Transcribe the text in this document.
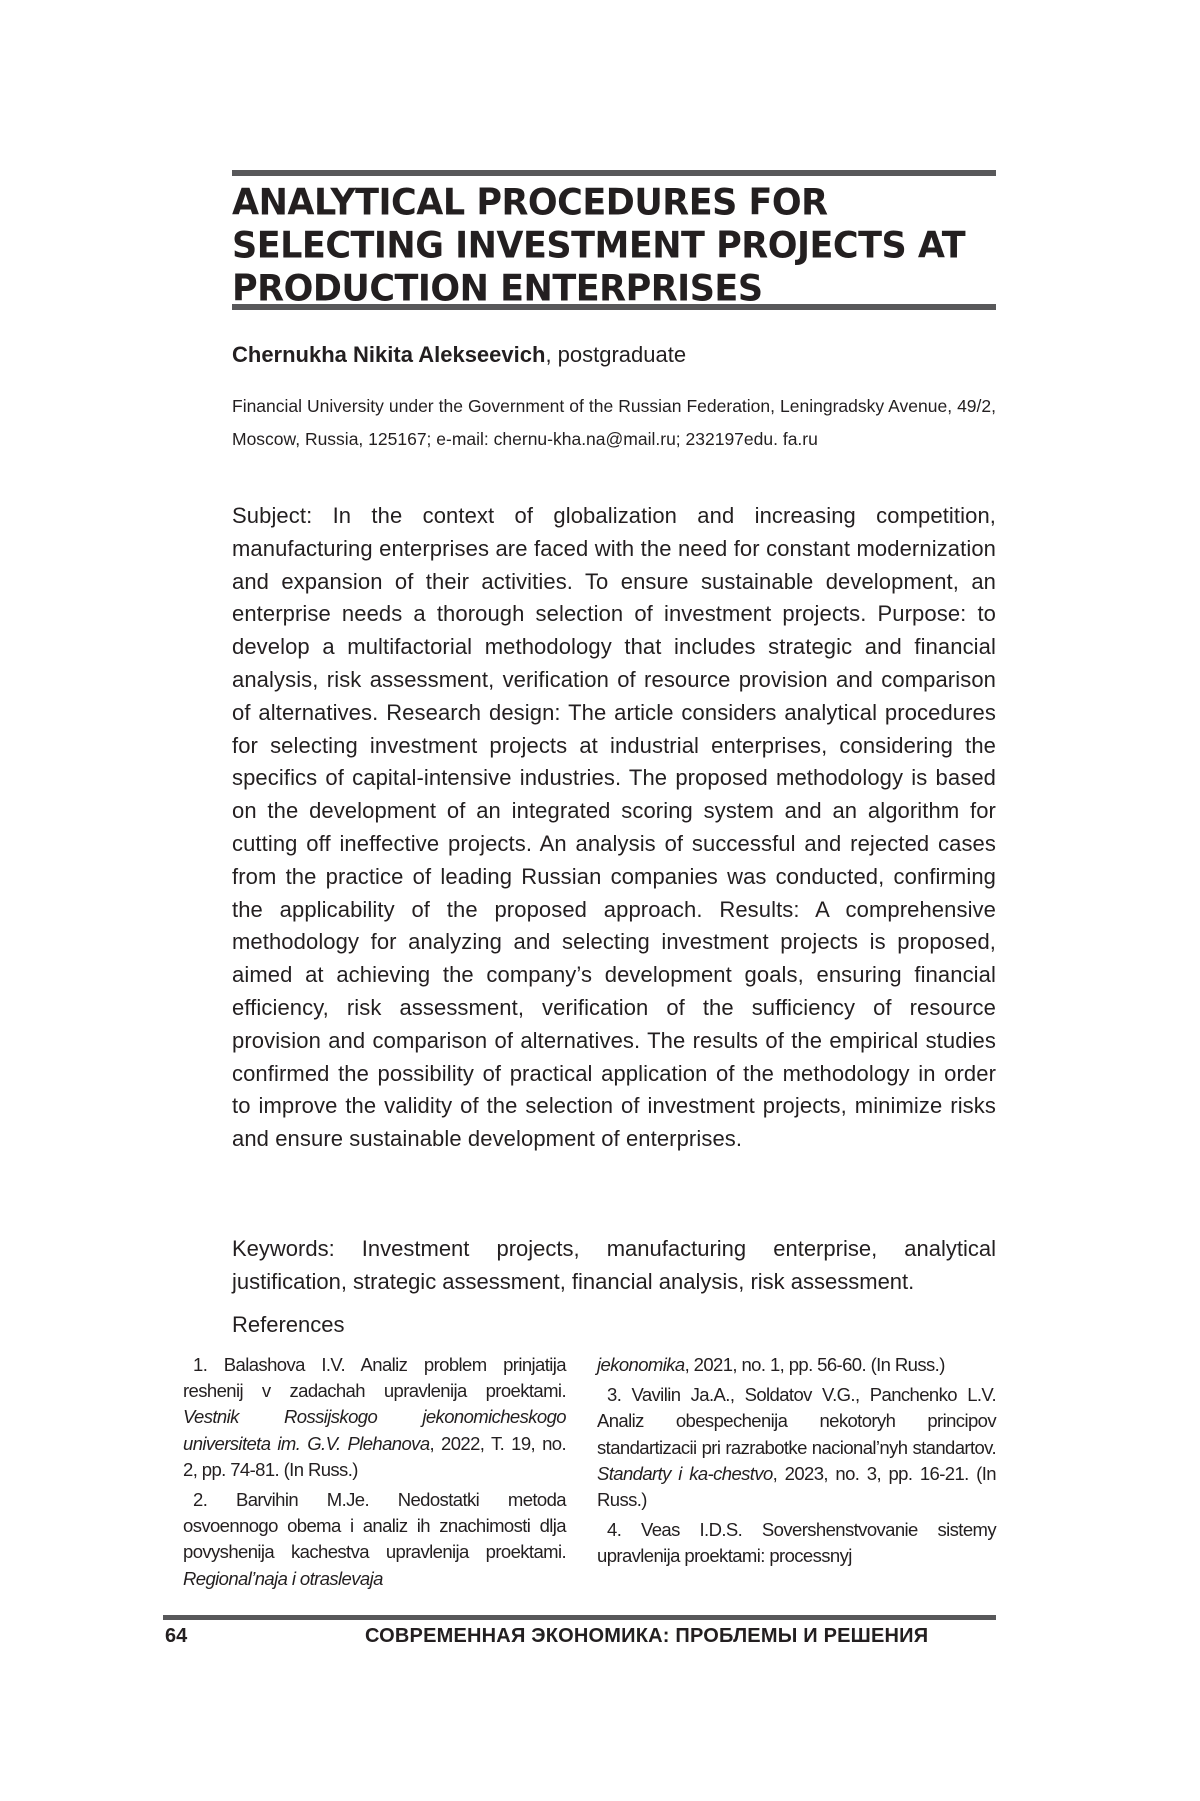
ANALYTICAL PROCEDURES FOR
SELECTING INVESTMENT PROJECTS AT
PRODUCTION ENTERPRISES
Chernukha Nikita Alekseevich, postgraduate
Financial University under the Government of the Russian Federation, Leningradsky Avenue, 49/2, Moscow, Russia, 125167; e-mail: chernu-kha.na@mail.ru; 232197edu. fa.ru
Subject: In the context of globalization and increasing competition, manufacturing enterprises are faced with the need for constant modernization and expansion of their activities. To ensure sustainable development, an enterprise needs a thorough selection of investment projects. Purpose: to develop a multifactorial methodology that includes strategic and financial analysis, risk assessment, verification of resource provision and comparison of alternatives. Research design: The article considers analytical procedures for selecting investment projects at industrial enterprises, considering the specifics of capital-intensive industries. The proposed methodology is based on the development of an integrated scoring system and an algorithm for cutting off ineffective projects. An analysis of successful and rejected cases from the practice of leading Russian companies was conducted, confirming the applicability of the proposed approach. Results: A comprehensive methodology for analyzing and selecting investment projects is proposed, aimed at achieving the company’s development goals, ensuring financial efficiency, risk assessment, verification of the sufficiency of resource provision and comparison of alternatives. The results of the empirical studies confirmed the possibility of practical application of the methodology in order to improve the validity of the selection of investment projects, minimize risks and ensure sustainable development of enterprises.
Keywords: Investment projects, manufacturing enterprise, analytical justification, strategic assessment, financial analysis, risk assessment.
References

1. Balashova I.V. Analiz problem prinjatija reshenij v zadachah upravlenija proektami. Vestnik Rossijskogo jekonomicheskogo universiteta im. G.V. Plehanova, 2022, T. 19, no. 2, pp. 74-81. (In Russ.)

2. Barvihin M.Je. Nedostatki metoda osvoennogo obema i analiz ih znachimosti dlja povyshenija kachestva upravlenija proektami. Regional’naja i otraslevaja

jekonomika, 2021, no. 1, pp. 56-60. (In Russ.)

3. Vavilin Ja.A., Soldatov V.G., Panchenko L.V. Analiz obespechenija nekotoryh principov standartizacii pri razrabotke nacional’nyh standartov. Standarty i ka-chestvo, 2023, no. 3, pp. 16-21. (In Russ.)

4. Veas I.D.S. Sovershenstvovanie sistemy upravlenija proektami: processnyj

64	СОВРЕМЕННАЯ ЭКОНОМИКА: ПРОБЛЕМЫ И РЕШЕНИЯ
